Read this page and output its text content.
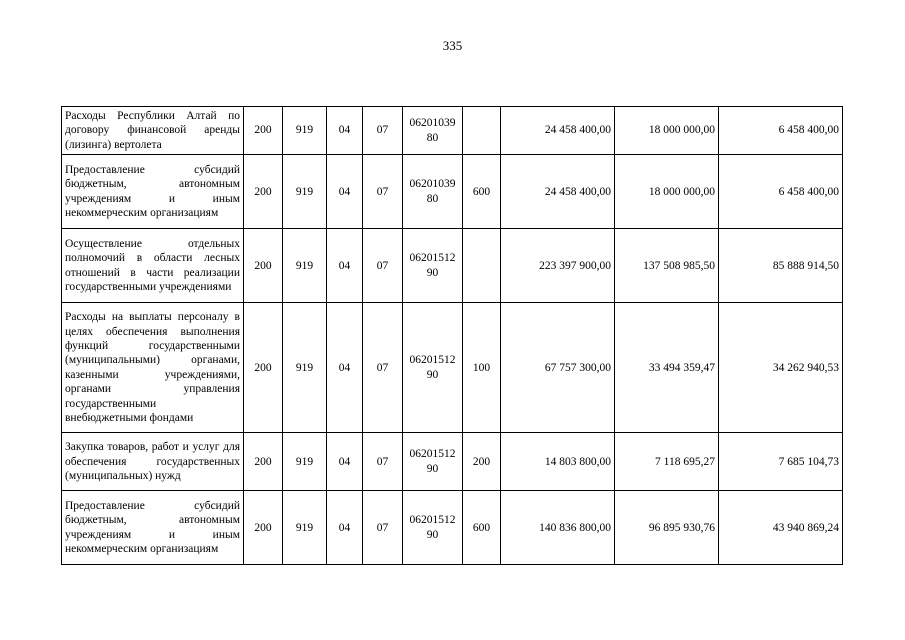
335
Расходы Республики Алтай по договору финансовой аренды (лизинга) вертолета	200	919	04	07	0620103980		24 458 400,00	18 000 000,00	6 458 400,00
Предоставление субсидий бюджетным, автономным учреждениям и иным некоммерческим организациям	200	919	04	07	0620103980	600	24 458 400,00	18 000 000,00	6 458 400,00
Осуществление отдельных полномочий в области лесных отношений в части реализации государственными учреждениями	200	919	04	07	0620151290		223 397 900,00	137 508 985,50	85 888 914,50
Расходы на выплаты персоналу в целях обеспечения выполнения функций государственными (муниципальными) органами, казенными учреждениями, органами управления государственными внебюджетными фондами	200	919	04	07	0620151290	100	67 757 300,00	33 494 359,47	34 262 940,53
Закупка товаров, работ и услуг для обеспечения государственных (муниципальных) нужд	200	919	04	07	0620151290	200	14 803 800,00	7 118 695,27	7 685 104,73
Предоставление субсидий бюджетным, автономным учреждениям и иным некоммерческим организациям	200	919	04	07	0620151290	600	140 836 800,00	96 895 930,76	43 940 869,24
